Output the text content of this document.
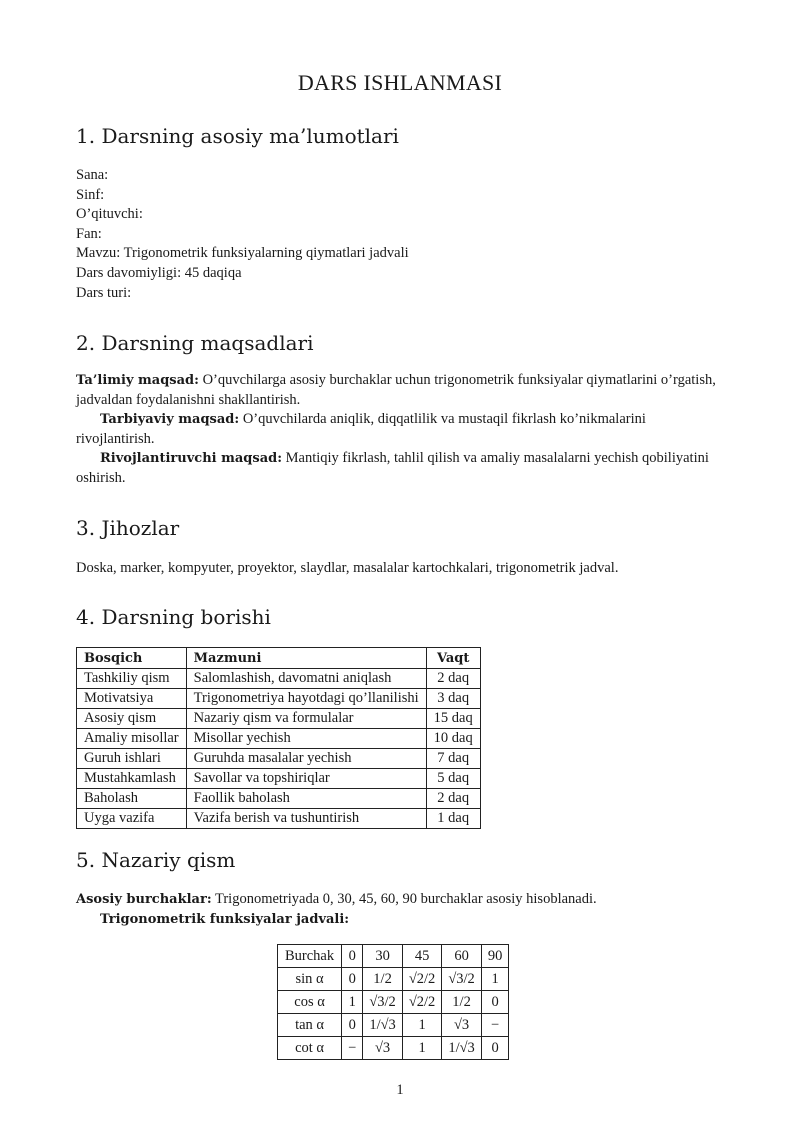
DARS ISHLANMASI
1. Darsning asosiy ma’lumotlari
Sana:
Sinf:
O’qituvchi:
Fan:
Mavzu: Trigonometrik funksiyalarning qiymatlari jadvali
Dars davomiyligi: 45 daqiqa
Dars turi:
2. Darsning maqsadlari
Ta’limiy maqsad: O’quvchilarga asosiy burchaklar uchun trigonometrik funksiyalar qiymatlarini o’rgatish, jadvaldan foydalanishni shakllantirish.
Tarbiyaviy maqsad: O’quvchilarda aniqlik, diqqatlilik va mustaqil fikrlash ko’nikmalarini rivojlantirish.
Rivojlantiruvchi maqsad: Mantiqiy fikrlash, tahlil qilish va amaliy masalalarni yechish qobiliyatini oshirish.
3. Jihozlar
Doska, marker, kompyuter, proyektor, slaydlar, masalalar kartochkalari, trigonometrik jadval.
4. Darsning borishi
Bosqich	Mazmuni	Vaqt
Tashkiliy qism	Salomlashish, davomatni aniqlash	2 daq
Motivatsiya	Trigonometriya hayotdagi qo’llanilishi	3 daq
Asosiy qism	Nazariy qism va formulalar	15 daq
Amaliy misollar	Misollar yechish	10 daq
Guruh ishlari	Guruhda masalalar yechish	7 daq
Mustahkamlash	Savollar va topshiriqlar	5 daq
Baholash	Faollik baholash	2 daq
Uyga vazifa	Vazifa berish va tushuntirish	1 daq
5. Nazariy qism
Asosiy burchaklar: Trigonometriyada 0, 30, 45, 60, 90 burchaklar asosiy hisoblanadi.
Trigonometrik funksiyalar jadvali:
Burchak	0	30	45	60	90
sin α	0	1/2	√2/2	√3/2	1
cos α	1	√3/2	√2/2	1/2	0
tan α	0	1/√3	1	√3	−
cot α	−	√3	1	1/√3	0
1
